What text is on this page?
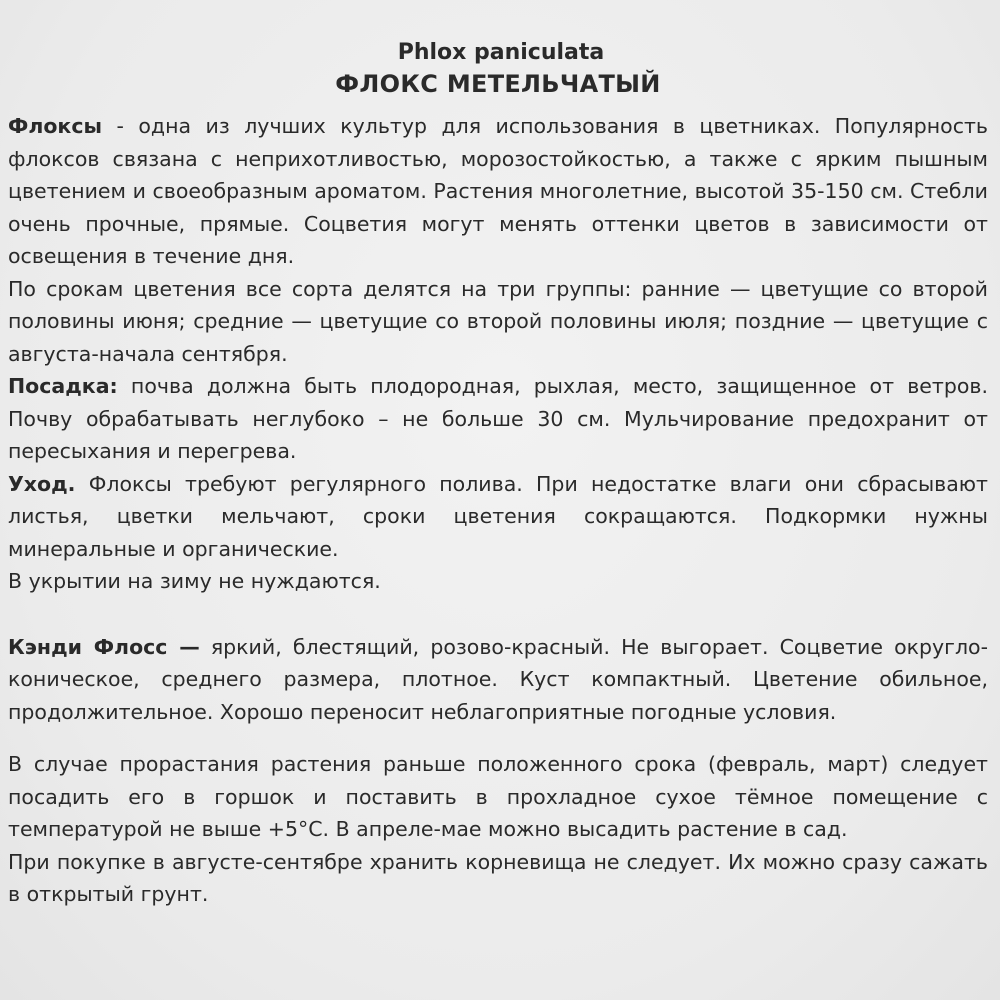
Phlox paniculata
ФЛОКС МЕТЕЛЬЧАТЫЙ

Флоксы - одна из лучших культур для использования в цветниках. Популярность флоксов связана с неприхотливостью, морозостойкостью, а также с ярким пышным цветением и своеобразным ароматом. Растения многолетние, высотой 35-150 см. Стебли очень прочные, прямые. Соцветия могут менять оттенки цветов в зависимости от освещения в течение дня.

По срокам цветения все сорта делятся на три группы: ранние — цветущие со второй половины июня; средние — цветущие со второй половины июля; поздние — цветущие с августа-начала сентября.

Посадка: почва должна быть плодородная, рыхлая, место, защищенное от ветров. Почву обрабатывать неглубоко – не больше 30 см. Мульчирование предохранит от пересыхания и перегрева.

Уход. Флоксы требуют регулярного полива. При недостатке влаги они сбрасывают листья, цветки мельчают, сроки цветения сокращаются. Подкормки нужны минеральные и органические.

В укрытии на зиму не нуждаются.

Кэнди Флосс — яркий, блестящий, розово-красный. Не выгорает. Соцветие округло-коническое, среднего размера, плотное. Куст компактный. Цветение обильное, продолжительное. Хорошо переносит неблагоприятные погодные условия.

В случае прорастания растения раньше положенного срока (февраль, март) следует посадить его в горшок и поставить в прохладное сухое тёмное помещение с температурой не выше +5°С. В апреле-мае можно высадить растение в сад.

При покупке в августе-сентябре хранить корневища не следует. Их можно сразу сажать в открытый грунт.
